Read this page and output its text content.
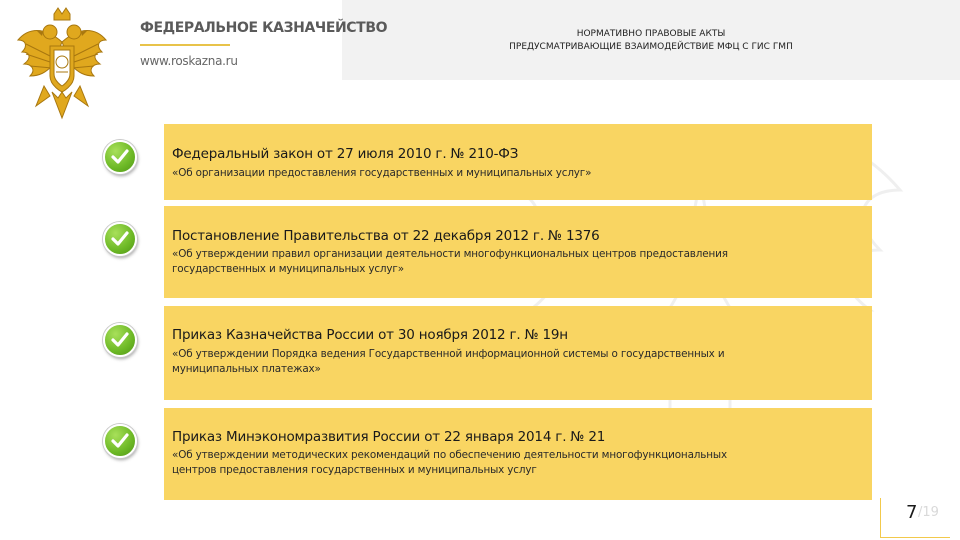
ФЕДЕРАЛЬНОЕ КАЗНАЧЕЙСТВО
www.roskazna.ru
НОРМАТИВНО ПРАВОВЫЕ АКТЫ
ПРЕДУСМАТРИВАЮЩИЕ ВЗАИМОДЕЙСТВИЕ МФЦ С ГИС ГМП
Федеральный закон от 27 июля 2010 г. № 210-ФЗ
«Об организации предоставления государственных и муниципальных услуг»
Постановление Правительства от 22 декабря 2012 г. № 1376
«Об утверждении правил организации деятельности многофункциональных центров предоставления
государственных и муниципальных услуг»
Приказ Казначейства России от 30 ноября 2012 г. № 19н
«Об утверждении Порядка ведения Государственной информационной системы о государственных и
муниципальных платежах»
Приказ Минэкономразвития России от 22 января 2014 г. № 21
«Об утверждении методических рекомендаций по обеспечению деятельности многофункциональных
центров предоставления государственных и муниципальных услуг
7 /19
